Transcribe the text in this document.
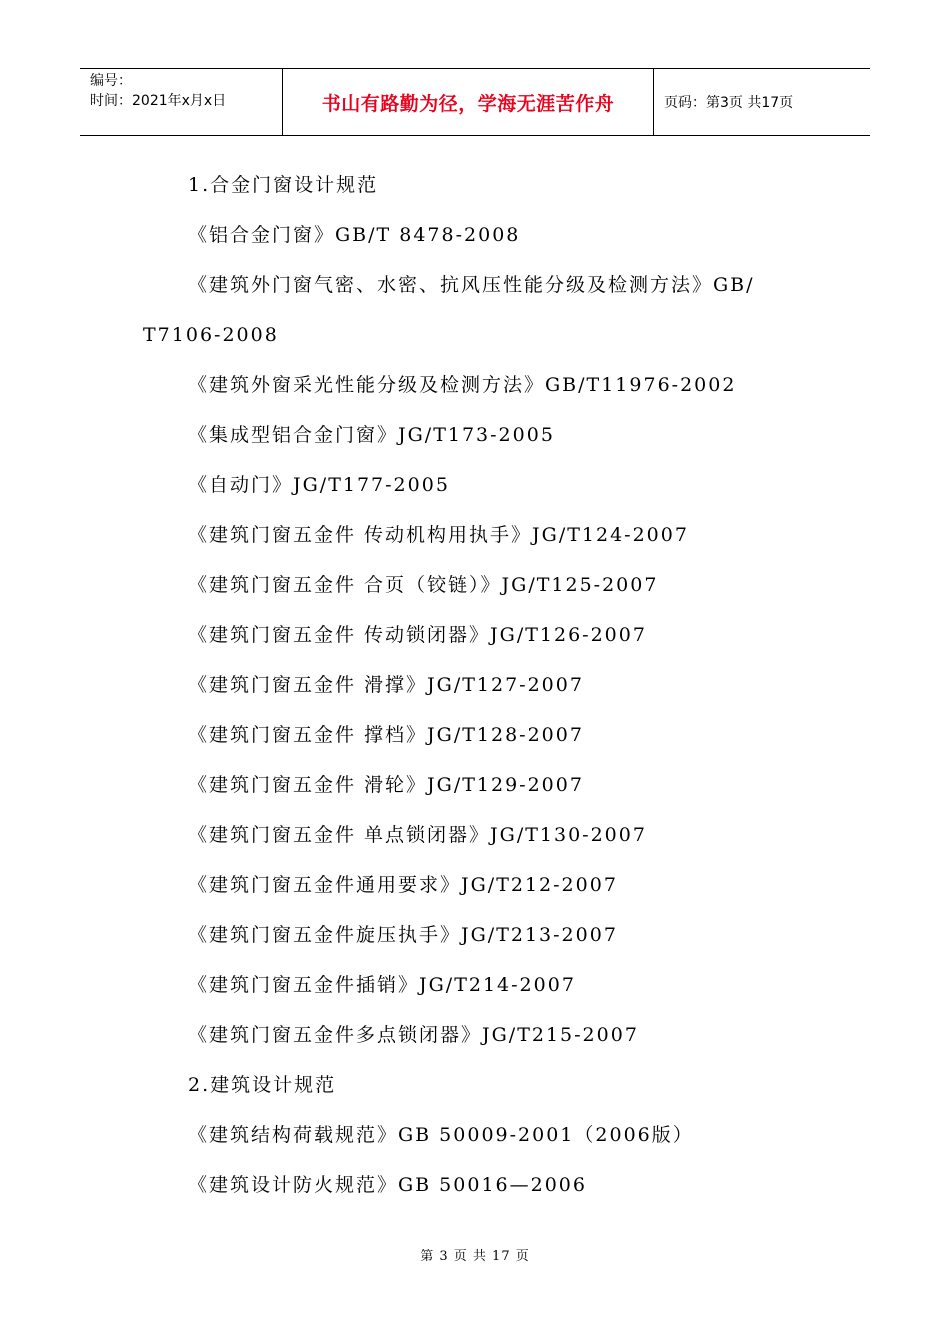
编号：
时间：2021年x月x日	书山有路勤为径，学海无涯苦作舟	页码：第3页 共17页
1.合金门窗设计规范
《铝合金门窗》GB/T 8478-2008
《建筑外门窗气密、水密、抗风压性能分级及检测方法》GB/
T7106-2008
《建筑外窗采光性能分级及检测方法》GB/T11976-2002
《集成型铝合金门窗》JG/T173-2005
《自动门》JG/T177-2005
《建筑门窗五金件 传动机构用执手》JG/T124-2007
《建筑门窗五金件 合页（铰链）》JG/T125-2007
《建筑门窗五金件 传动锁闭器》JG/T126-2007
《建筑门窗五金件 滑撑》JG/T127-2007
《建筑门窗五金件 撑档》JG/T128-2007
《建筑门窗五金件 滑轮》JG/T129-2007
《建筑门窗五金件 单点锁闭器》JG/T130-2007
《建筑门窗五金件通用要求》JG/T212-2007
《建筑门窗五金件旋压执手》JG/T213-2007
《建筑门窗五金件插销》JG/T214-2007
《建筑门窗五金件多点锁闭器》JG/T215-2007
2.建筑设计规范
《建筑结构荷载规范》GB 50009-2001（2006版）
《建筑设计防火规范》GB 50016—2006
第 3 页 共 17 页
